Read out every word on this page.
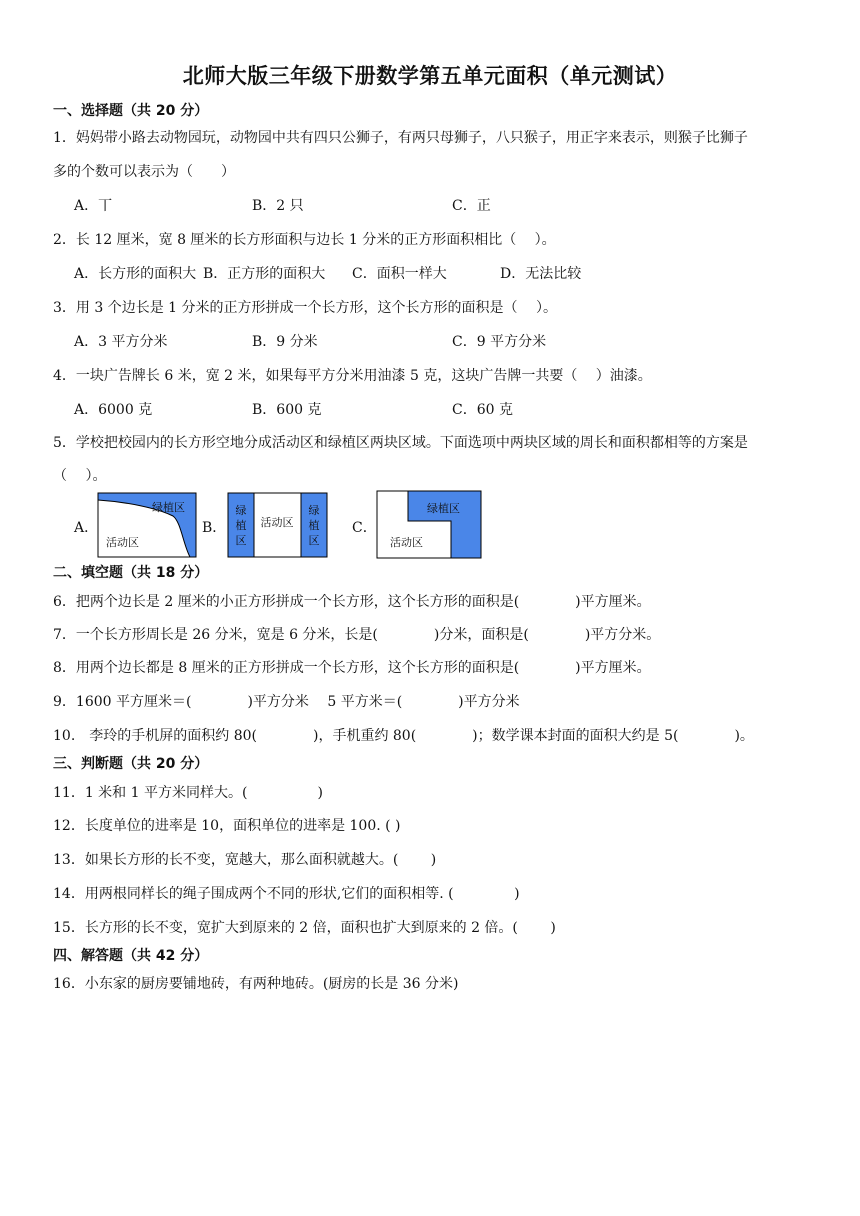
北师大版三年级下册数学第五单元面积（单元测试）
一、选择题（共 20 分）
1．妈妈带小路去动物园玩，动物园中共有四只公狮子，有两只母狮子，八只猴子，用正字来表示，则猴子比狮子
多的个数可以表示为（　　）
A．丅	B．2 只	C．正
2．长 12 厘米，宽 8 厘米的长方形面积与边长 1 分米的正方形面积相比（　 ）。
A．长方形的面积大 B．正方形的面积大 C．面积一样大	D．无法比较
3．用 3 个边长是 1 分米的正方形拼成一个长方形，这个长方形的面积是（　 ）。
A．3 平方分米	B．9 分米	C．9 平方分米
4．一块广告牌长 6 米，宽 2 米，如果每平方分米用油漆 5 克，这块广告牌一共要（　 ）油漆。
A．6000 克	B．600 克	C．60 克
5．学校把校园内的长方形空地分成活动区和绿植区两块区域。下面选项中两块区域的周长和面积都相等的方案是
（　 ）。
A．	B．	C．
绿植区
活动区
绿
植
区
绿
植
区
活动区
绿植区
活动区
二、填空题（共 18 分）
6．把两个边长是 2 厘米的小正方形拼成一个长方形，这个长方形的面积是(　　　　)平方厘米。
7．一个长方形周长是 26 分米，宽是 6 分米，长是(　　　　)分米，面积是(　　　　)平方分米。
8．用两个边长都是 8 厘米的正方形拼成一个长方形，这个长方形的面积是(　　　　)平方厘米。
9．1600 平方厘米＝(　　　　)平方分米　 5 平方米＝(　　　　)平方分米
10.　李玲的手机屏的面积约 80(　　　　)，手机重约 80(　　　　)；数学课本封面的面积大约是 5(　　　　)。
三、判断题（共 20 分）
11．1 米和 1 平方米同样大。(　　　　　)
12．长度单位的进率是 10，面积单位的进率是 100. ( )
13．如果长方形的长不变，宽越大，那么面积就越大。(　　 )
14．用两根同样长的绳子围成两个不同的形状,它们的面积相等. (　　　　 )
15．长方形的长不变，宽扩大到原来的 2 倍，面积也扩大到原来的 2 倍。(　　 )
四、解答题（共 42 分）
16．小东家的厨房要铺地砖，有两种地砖。(厨房的长是 36 分米)
